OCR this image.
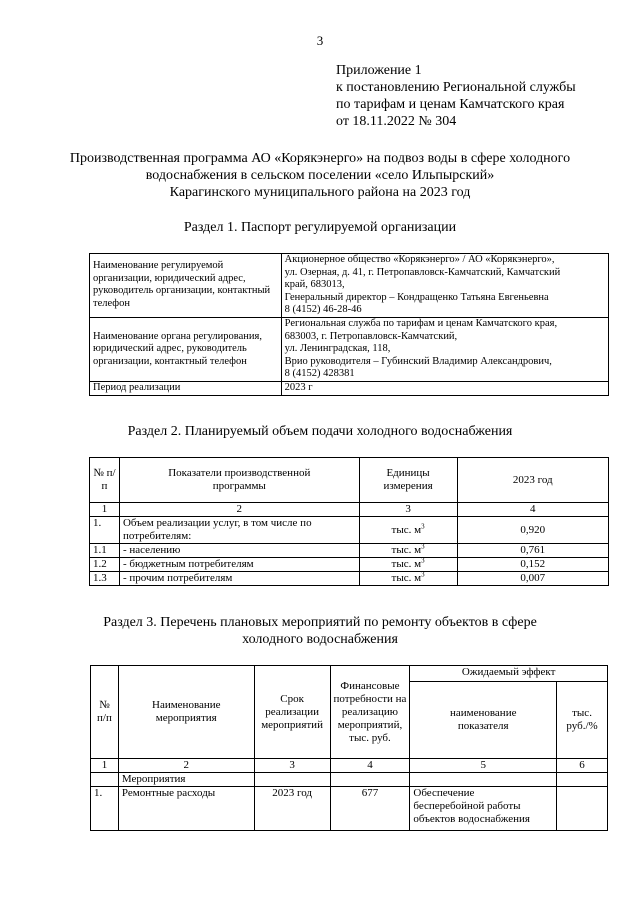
3
Приложение 1
к постановлению Региональной службы
по тарифам и ценам Камчатского края
от 18.11.2022 № 304
Производственная программа АО «Корякэнерго» на подвоз воды в сфере холодного
водоснабжения в сельском поселении «село Ильпырский»
Карагинского муниципального района на 2023 год
Раздел 1. Паспорт регулируемой организации
Наименование регулируемой организации, юридический адрес, руководитель организации, контактный телефон	Акционерное общество «Корякэнерго» / АО «Корякэнерго»,
ул. Озерная, д. 41, г. Петропавловск-Камчатский, Камчатский
край, 683013,
Генеральный директор – Кондращенко Татьяна Евгеньевна
8 (4152) 46-28-46

Наименование органа регулирования, юридический адрес, руководитель организации, контактный телефон	Региональная служба по тарифам и ценам Камчатского края,
683003, г. Петропавловск-Камчатский,
ул. Ленинградская, 118,
Врио руководителя – Губинский Владимир Александрович,
8 (4152) 428381

Период реализации	2023 г
Раздел 2. Планируемый объем подачи холодного водоснабжения
№ п/п	Показатели производственной программы	Единицы измерения	2023 год
1	2	3	4
1.	Объем реализации услуг, в том числе по потребителям:	тыс. $м^3$	0,920
1.1	- населению	тыс. $м^3$	0,761
1.2	- бюджетным потребителям	тыс. $м^3$	0,152
1.3	- прочим потребителям	тыс. $м^3$	0,007
Раздел 3. Перечень плановых мероприятий по ремонту объектов в сфере
холодного водоснабжения
№ п/п	Наименование мероприятия	Срок реализации мероприятий	Финансовые потребности на реализацию мероприятий, тыс. руб.	Ожидаемый эффект	
				наименование показателя	тыс. руб./%
1	2	3	4	5	6
	Мероприятия				
1.	Ремонтные расходы	2023 год	677	Обеспечение бесперебойной работы объектов водоснабжения	
